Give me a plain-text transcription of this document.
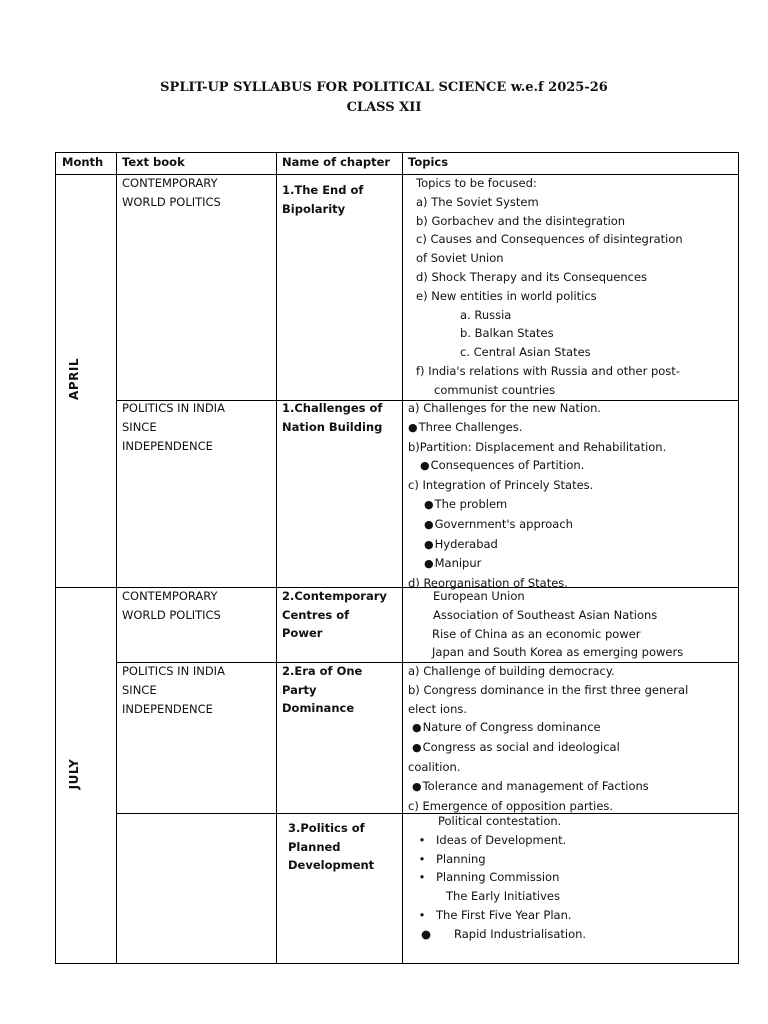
SPLIT-UP SYLLABUS FOR POLITICAL SCIENCE w.e.f 2025-26
CLASS XII
Month Text book	Name of chapter Topics
APRIL
JULY
CONTEMPORARY
WORLD POLITICS
1.The End of
Bipolarity
Topics to be focused:
a) The Soviet System
b) Gorbachev and the disintegration
c) Causes and Consequences of disintegration
of Soviet Union
d) Shock Therapy and its Consequences
e) New entities in world politics
a. Russia
b. Balkan States
c. Central Asian States
f) India's relations with Russia and other post-
communist countries
POLITICS IN INDIA
SINCE
INDEPENDENCE
1.Challenges of
Nation Building
a) Challenges for the new Nation.
● Three Challenges.
b)Partition: Displacement and Rehabilitation.
● Consequences of Partition.
c) Integration of Princely States.
● The problem
● Government's approach
● Hyderabad
● Manipur
d) Reorganisation of States.
CONTEMPORARY
WORLD POLITICS
2.Contemporary
Centres of
Power
European Union
Association of Southeast Asian Nations
Rise of China as an economic power
Japan and South Korea as emerging powers
POLITICS IN INDIA
SINCE
INDEPENDENCE
2.Era of One
Party
Dominance
a) Challenge of building democracy.
b) Congress dominance in the first three general
elect ions.
● Nature of Congress dominance
● Congress as social and ideological
coalition.
● Tolerance and management of Factions
c) Emergence of opposition parties.
3.Politics of
Planned
Development
Political contestation.
• Ideas of Development.
• Planning
• Planning Commission
The Early Initiatives
• The First Five Year Plan.
● Rapid Industrialisation.
